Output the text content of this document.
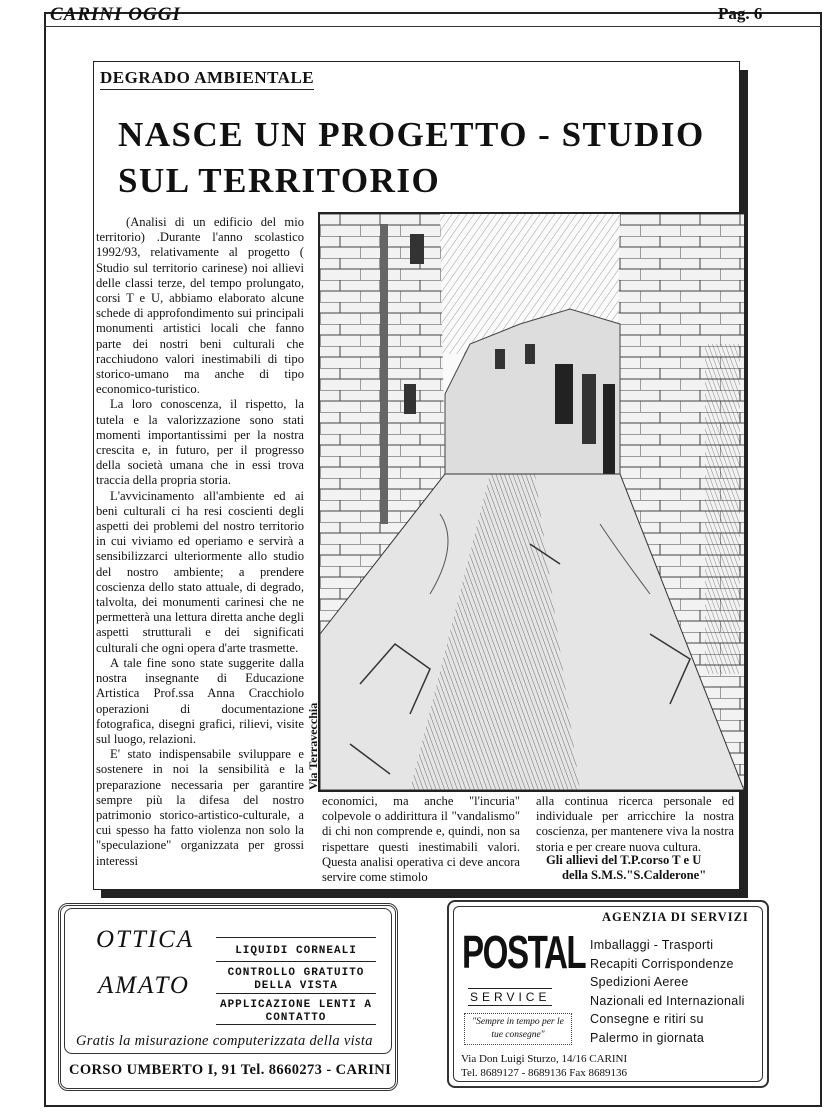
CARINI OGGI	Pag. 6
DEGRADO AMBIENTALE
NASCE UN PROGETTO - STUDIO
SUL TERRITORIO

(Analisi di un edificio del mio territorio) .Durante l'anno scolastico 1992/93, relativamente al progetto ( Studio sul territorio carinese) noi allievi delle classi terze, del tempo prolungato, corsi T e U, abbiamo elaborato alcune schede di approfondimento sui principali monumenti artistici locali che fanno parte dei nostri beni culturali che racchiudono valori inestimabili di tipo storico-umano ma anche di tipo economico-turistico.

La loro conoscenza, il rispetto, la tutela e la valorizzazione sono stati momenti importantissimi per la nostra crescita e, in futuro, per il progresso della società umana che in essi trova traccia della propria storia.

L'avvicinamento all'ambiente ed ai beni culturali ci ha resi coscienti degli aspetti dei problemi del nostro territorio in cui viviamo ed operiamo e servirà a sensibilizzarci ulteriormente allo studio del nostro ambiente; a prendere coscienza dello stato attuale, di degrado, talvolta, dei monumenti carinesi che ne permetterà una lettura diretta anche degli aspetti strutturali e dei significati culturali che ogni opera d'arte trasmette.

A tale fine sono state suggerite dalla nostra insegnante di Educazione Artistica Prof.ssa Anna Cracchiolo operazioni di documentazione fotografica, disegni grafici, rilievi, visite sul luogo, relazioni.

E' stato indispensabile sviluppare e sostenere in noi la sensibilità e la preparazione necessaria per garantire sempre più la difesa del nostro patrimonio storico-artistico-culturale, a cui spesso ha fatto violenza non solo la "speculazione" organizzata per grossi interessi

Via Terravecchia

economici, ma anche "l'incuria" colpevole o addirittura il "vandalismo" di chi non comprende e, quindi, non sa rispettare questi inestimabili valori. Questa analisi operativa ci deve ancora servire come stimolo

alla continua ricerca personale ed individuale per arricchire la nostra coscienza, per mantenere viva la nostra storia e per creare nuova cultura.

Gli allievi del T.P.corso T e U
della S.M.S."S.Calderone"
OTTICA
AMATO
LIQUIDI CORNEALI
CONTROLLO GRATUITO DELLA VISTA
APPLICAZIONE LENTI A CONTATTO
Gratis la misurazione computerizzata della vista
CORSO UMBERTO I, 91 Tel. 8660273 - CARINI
AGENZIA DI SERVIZI
POSTAL
SERVICE
"Sempre in tempo per le tue consegne"
Imballaggi - Trasporti
Recapiti Corrispondenze
Spedizioni Aeree
Nazionali ed Internazionali
Consegne e ritiri su
Palermo in giornata
Via Don Luigi Sturzo, 14/16 CARINI
Tel. 8689127 - 8689136 Fax 8689136
